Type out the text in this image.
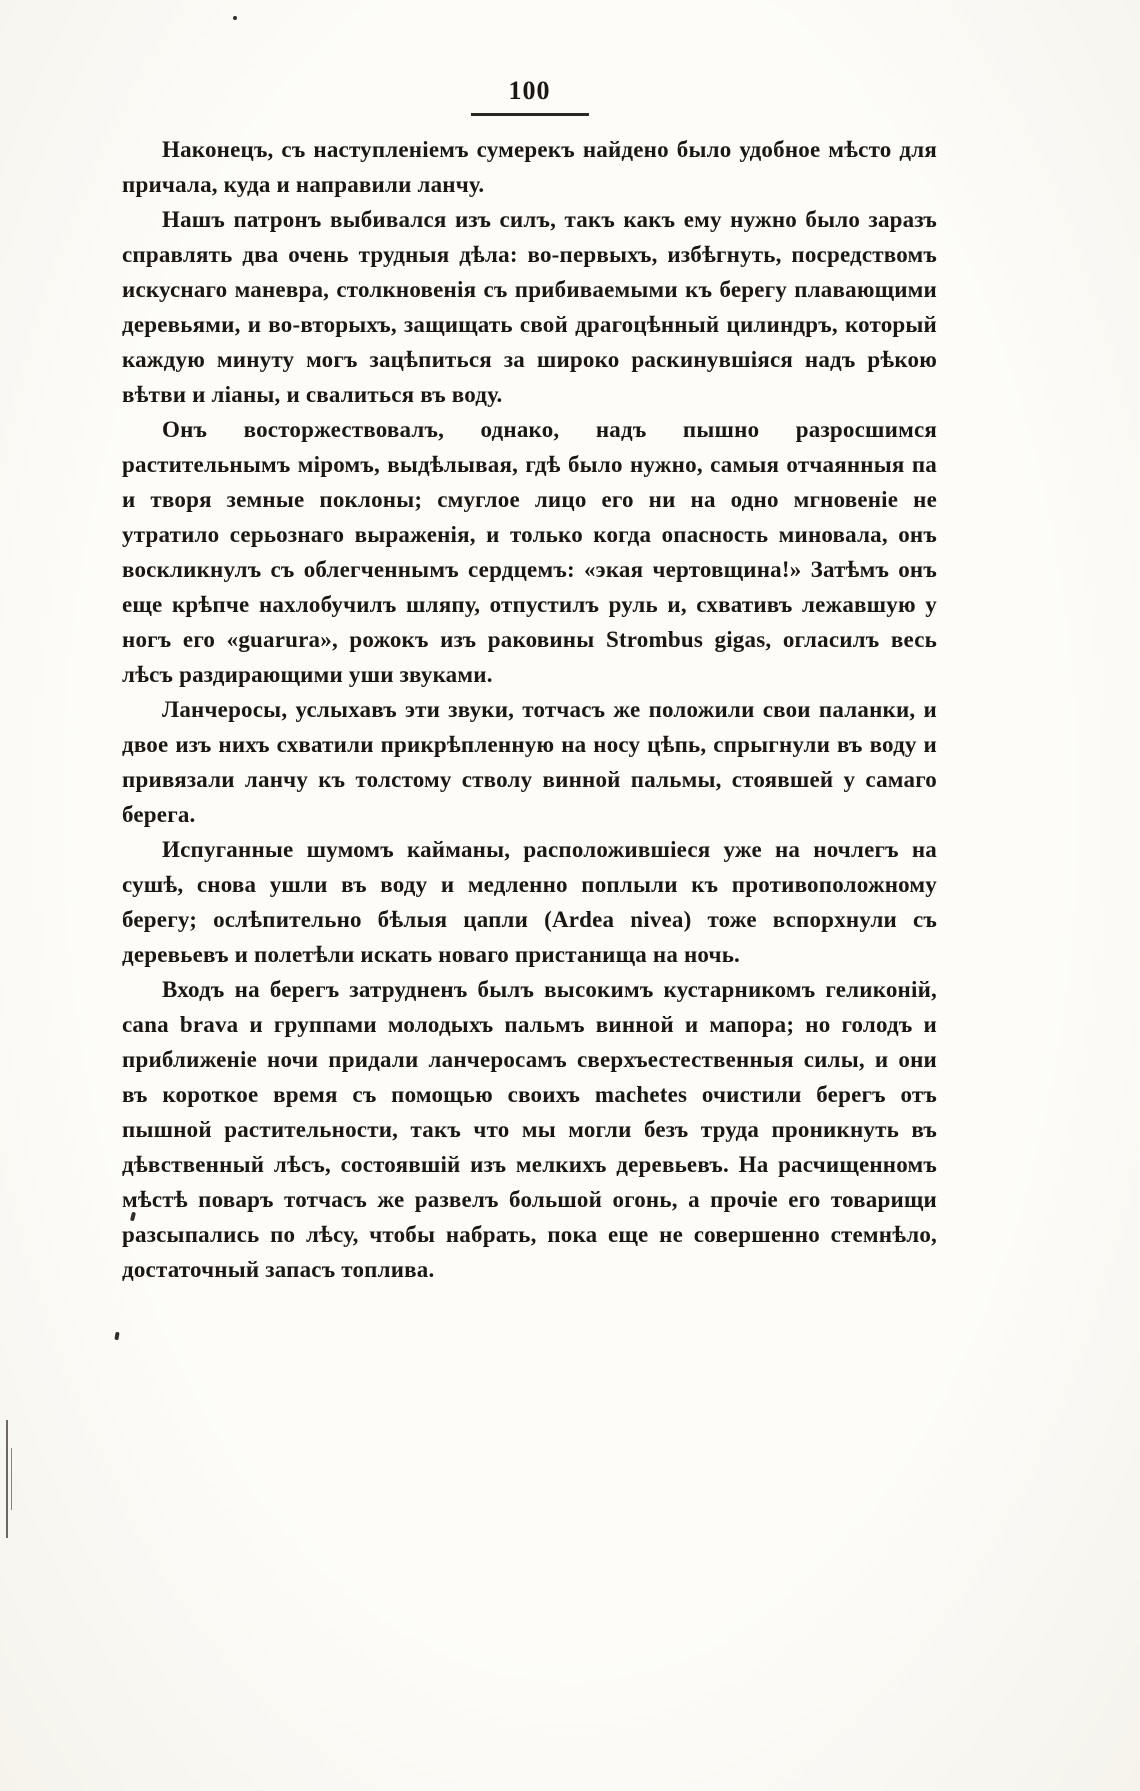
100

Наконецъ, съ наступленіемъ сумерекъ найдено было удобное мѣсто для причала, куда и направили ланчу.

Нашъ патронъ выбивался изъ силъ, такъ какъ ему нужно было заразъ справлять два очень трудныя дѣла: во-первыхъ, избѣгнуть, посредствомъ искуснаго маневра, столкновенія съ прибиваемыми къ берегу плавающими деревьями, и во-вторыхъ, защищать свой драгоцѣнный цилиндръ, который каждую минуту могъ зацѣпиться за широко раскинувшіяся надъ рѣкою вѣтви и ліаны, и свалиться въ воду.

Онъ восторжествовалъ, однако, надъ пышно разросшимся растительнымъ міромъ, выдѣлывая, гдѣ было нужно, самыя отчаянныя па и творя земные поклоны; смуглое лицо его ни на одно мгновеніе не утратило серьознаго выраженія, и только когда опасность миновала, онъ воскликнулъ съ облегченнымъ сердцемъ: «экая чертовщина!» Затѣмъ онъ еще крѣпче нахлобучилъ шляпу, отпустилъ руль и, схвативъ лежавшую у ногъ его «guarura», рожокъ изъ раковины Strombus gigas, огласилъ весь лѣсъ раздирающими уши звуками.

Ланчеросы, услыхавъ эти звуки, тотчасъ же положили свои паланки, и двое изъ нихъ схватили прикрѣпленную на носу цѣпь, спрыгнули въ воду и привязали ланчу къ толстому стволу винной пальмы, стоявшей у самаго берега.

Испуганные шумомъ кайманы, расположившіеся уже на ночлегъ на сушѣ, снова ушли въ воду и медленно поплыли къ противоположному берегу; ослѣпительно бѣлыя цапли (Ardea nivea) тоже вспорхнули съ деревьевъ и полетѣли искать новаго пристанища на ночь.

Входъ на берегъ затрудненъ былъ высокимъ кустарникомъ геликоній, cana brava и группами молодыхъ пальмъ винной и мапора; но голодъ и приближеніе ночи придали ланчеросамъ сверхъестественныя силы, и они въ короткое время съ помощью своихъ machetes очистили берегъ отъ пышной растительности, такъ что мы могли безъ труда проникнуть въ дѣвственный лѣсъ, состоявшій изъ мелкихъ деревьевъ. На расчищенномъ мѣстѣ поваръ тотчасъ же развелъ большой огонь, а прочіе его товарищи разсыпались по лѣсу, чтобы набрать, пока еще не совершенно стемнѣло, достаточный запасъ топлива.
